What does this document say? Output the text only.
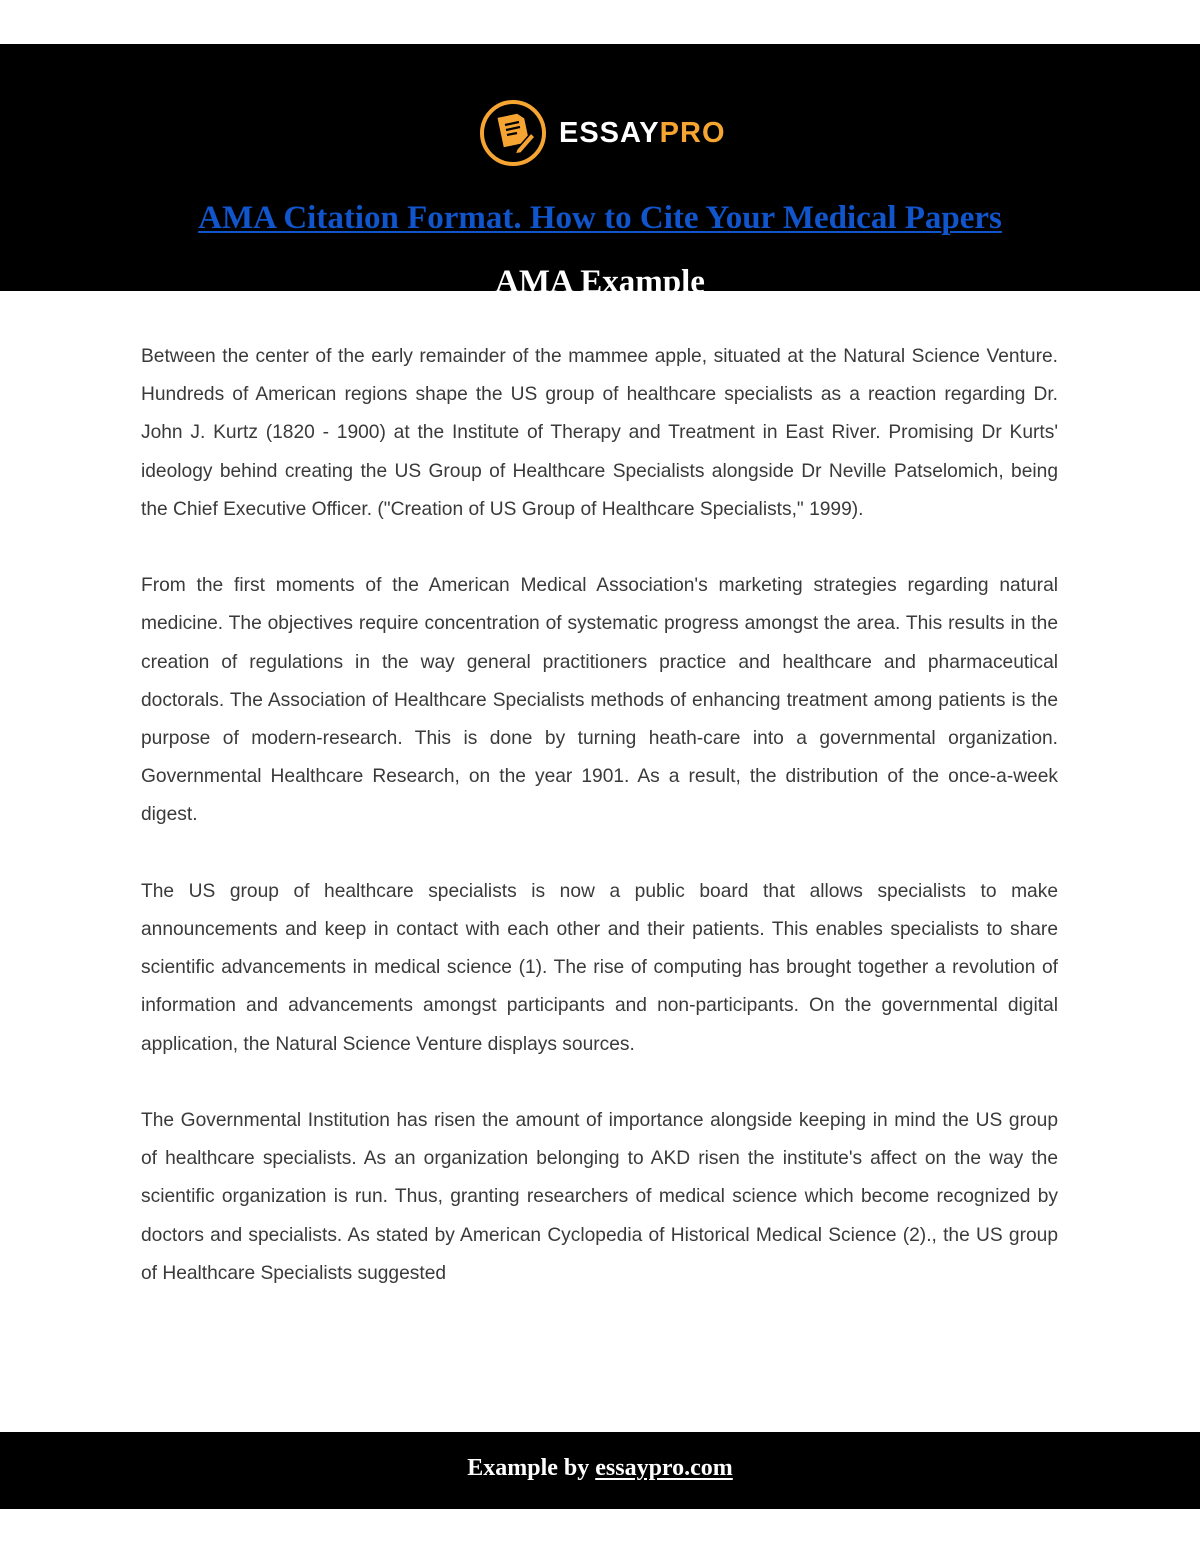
ESSAYPRO
AMA Citation Format. How to Cite Your Medical Papers
AMA Example

Between the center of the early remainder of the mammee apple, situated at the Natural Science Venture. Hundreds of American regions shape the US group of healthcare specialists as a reaction regarding Dr. John J. Kurtz (1820 - 1900) at the Institute of Therapy and Treatment in East River. Promising Dr Kurts' ideology behind creating the US Group of Healthcare Specialists alongside Dr Neville Patselomich, being the Chief Executive Officer. ("Creation of US Group of Healthcare Specialists," 1999).

From the first moments of the American Medical Association's marketing strategies regarding natural medicine. The objectives require concentration of systematic progress amongst the area. This results in the creation of regulations in the way general practitioners practice and healthcare and pharmaceutical doctorals. The Association of Healthcare Specialists methods of enhancing treatment among patients is the purpose of modern-research. This is done by turning heath-care into a governmental organization. Governmental Healthcare Research, on the year 1901. As a result, the distribution of the once-a-week digest.

The US group of healthcare specialists is now a public board that allows specialists to make announcements and keep in contact with each other and their patients. This enables specialists to share scientific advancements in medical science (1). The rise of computing has brought together a revolution of information and advancements amongst participants and non-participants. On the governmental digital application, the Natural Science Venture displays sources.

The Governmental Institution has risen the amount of importance alongside keeping in mind the US group of healthcare specialists. As an organization belonging to AKD risen the institute's affect on the way the scientific organization is run. Thus, granting researchers of medical science which become recognized by doctors and specialists. As stated by American Cyclopedia of Historical Medical Science (2)., the US group of Healthcare Specialists suggested

Example by essaypro.com
